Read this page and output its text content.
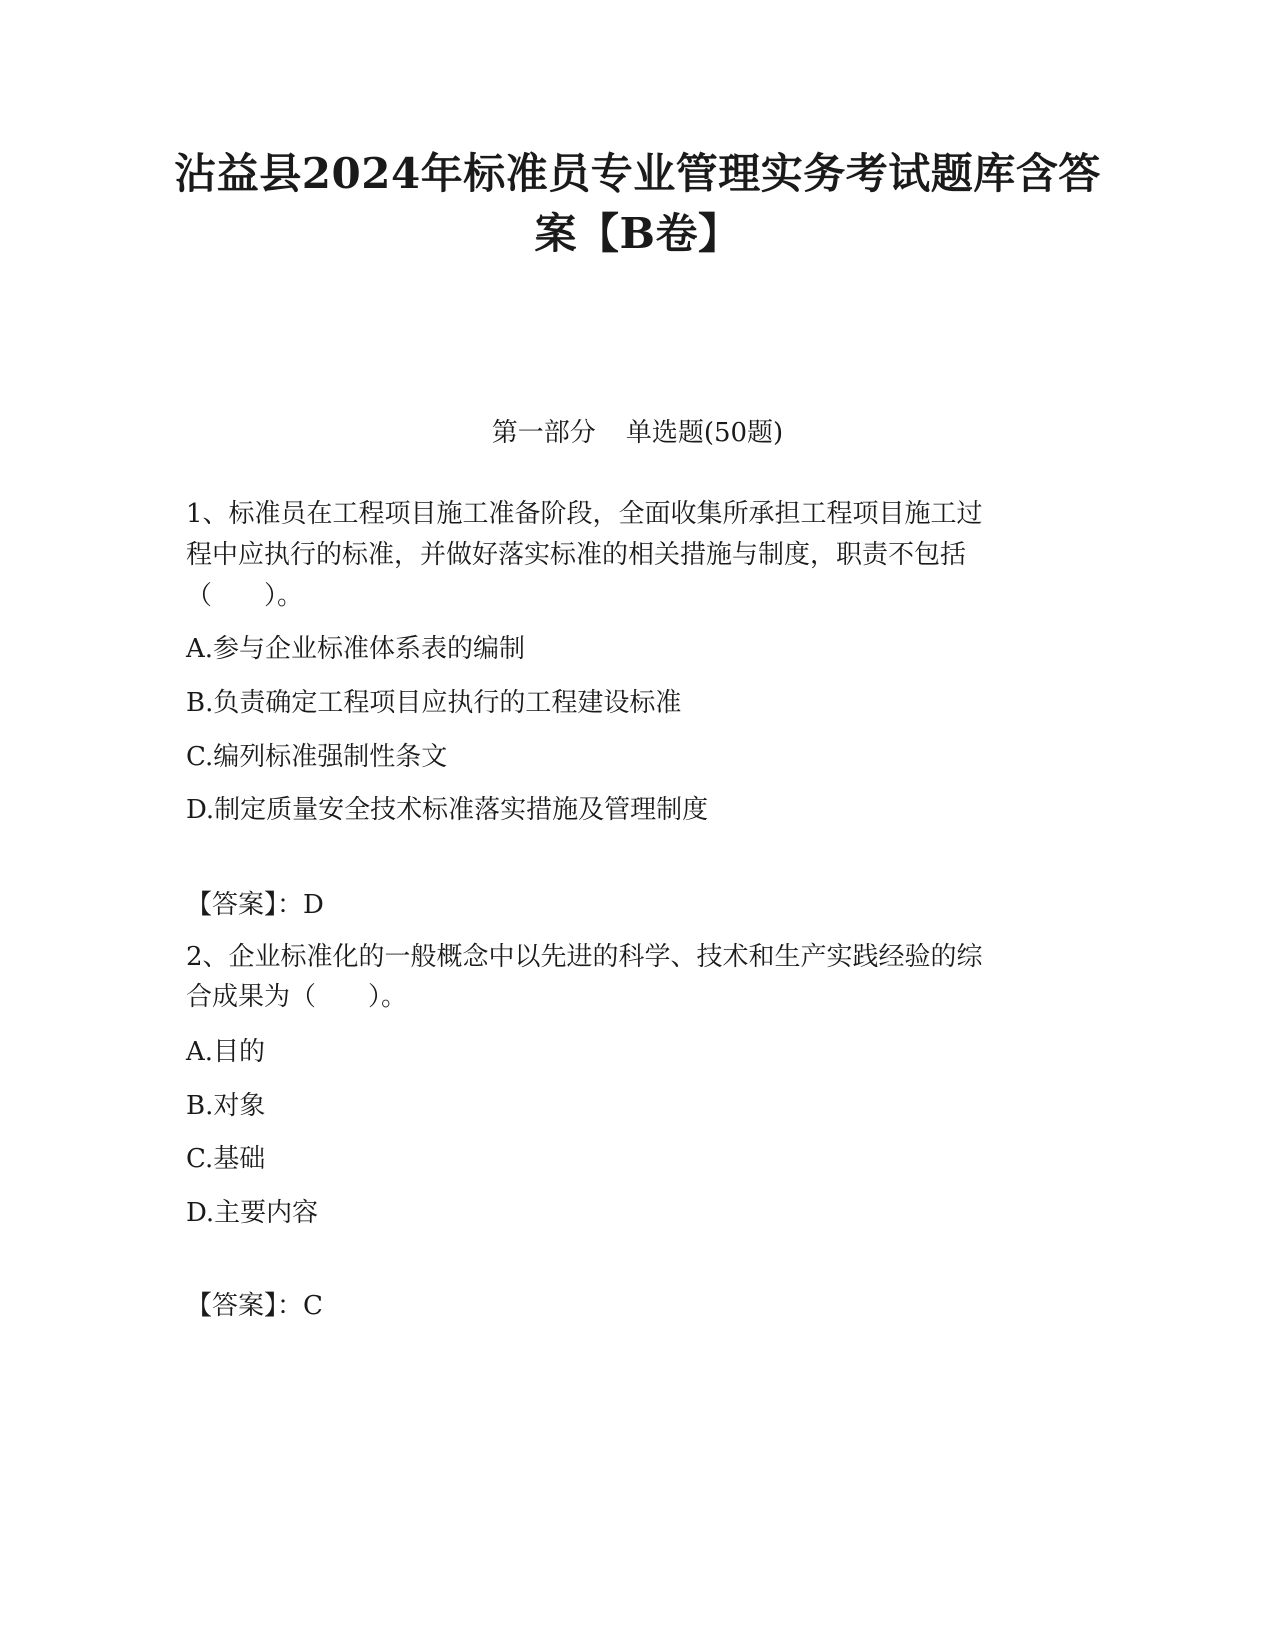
沾益县2024年标准员专业管理实务考试题库含答
案【B卷】
第一部分 单选题(50题)
1、标准员在工程项目施工准备阶段，全面收集所承担工程项目施工过
程中应执行的标准，并做好落实标准的相关措施与制度，职责不包括
（　　）。
A.参与企业标准体系表的编制
B.负责确定工程项目应执行的工程建设标准
C.编列标准强制性条文
D.制定质量安全技术标准落实措施及管理制度
【答案】：D
2、企业标准化的一般概念中以先进的科学、技术和生产实践经验的综
合成果为（　　）。
A.目的
B.对象
C.基础
D.主要内容
【答案】：C
